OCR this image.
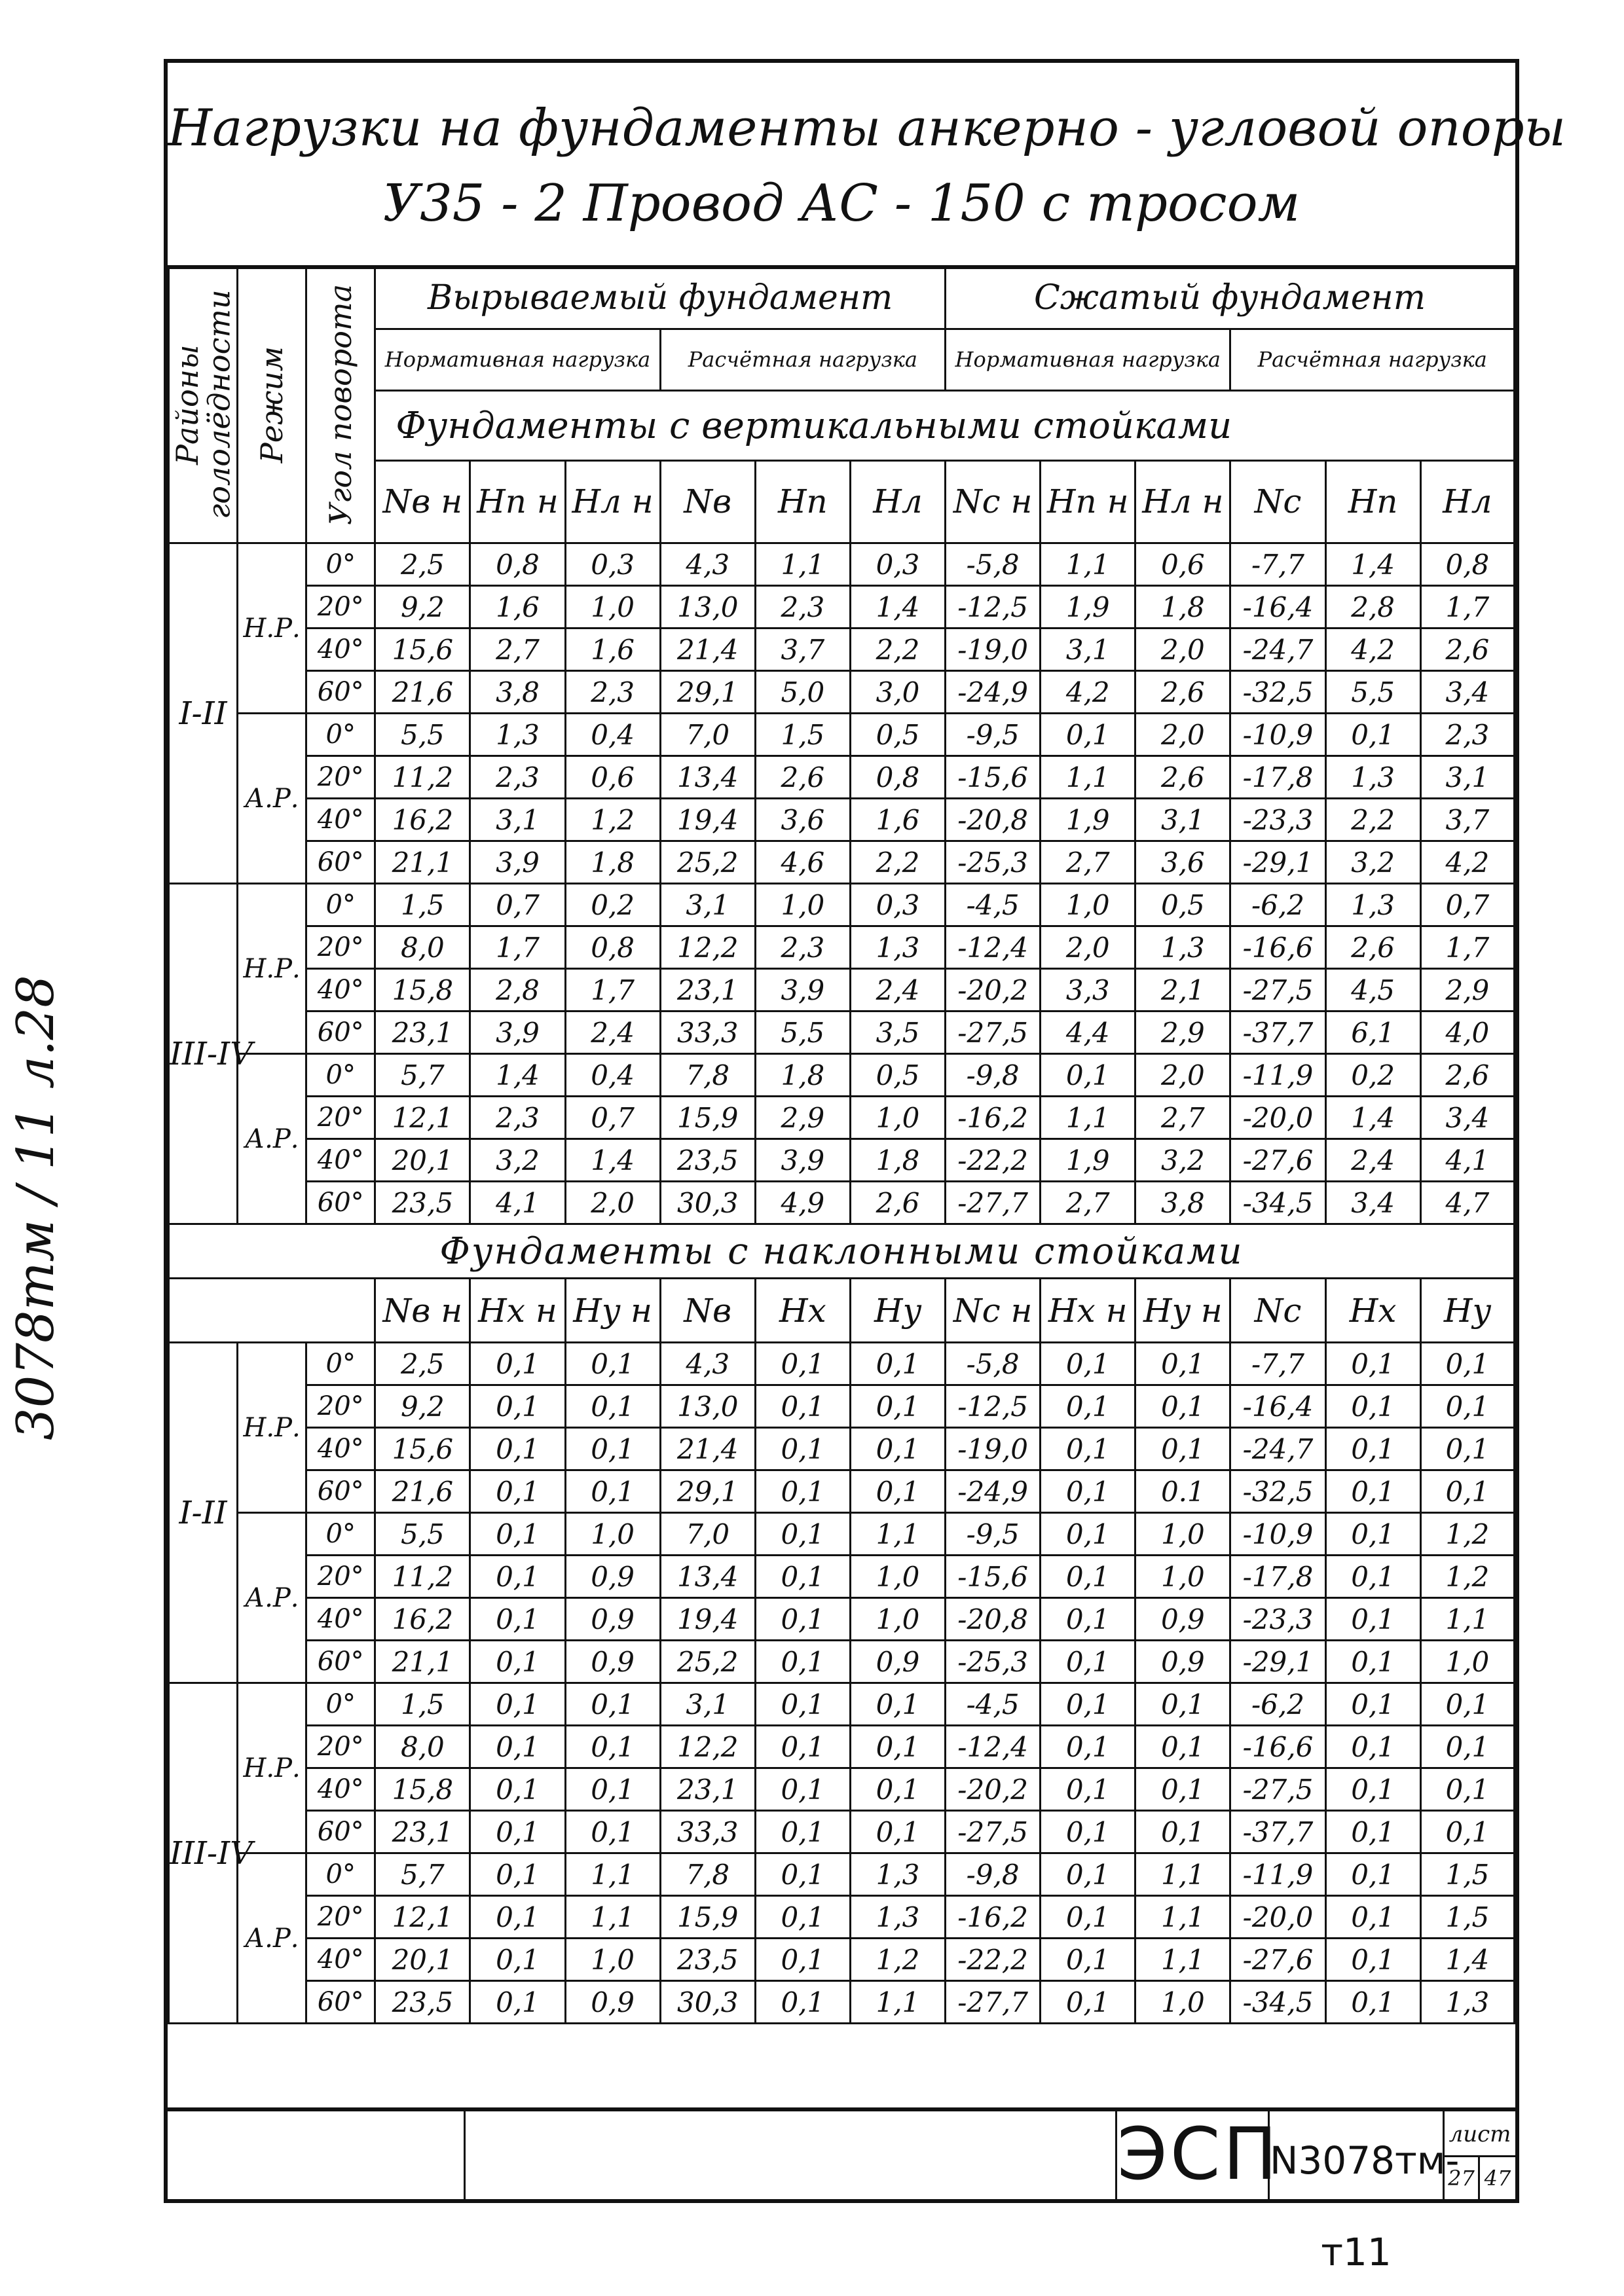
3078тм / 11 л.28
Нагрузки на фундаменты анкерно - угловой опоры
У35 - 2 Провод АС - 150 с тросом
Районы гололёдности	Режим	Угол поворота	Вырываемый фундамент						Сжатый фундамент					
			Нормативная нагрузка			Расчётная нагрузка			Нормативная нагрузка			Расчётная нагрузка		
			Фундаменты с вертикальными стойками											
			Nв н	Hп н	Hл н	Nв	Hп	Hл	Nс н	Hп н	Hл н	Nс	Hп	Hл
I-II	Н.Р.	0°	2,5	0,8	0,3	4,3	1,1	0,3	-5,8	1,1	0,6	-7,7	1,4	0,8
		20°	9,2	1,6	1,0	13,0	2,3	1,4	-12,5	1,9	1,8	-16,4	2,8	1,7
		40°	15,6	2,7	1,6	21,4	3,7	2,2	-19,0	3,1	2,0	-24,7	4,2	2,6
		60°	21,6	3,8	2,3	29,1	5,0	3,0	-24,9	4,2	2,6	-32,5	5,5	3,4
	А.Р.	0°	5,5	1,3	0,4	7,0	1,5	0,5	-9,5	0,1	2,0	-10,9	0,1	2,3
		20°	11,2	2,3	0,6	13,4	2,6	0,8	-15,6	1,1	2,6	-17,8	1,3	3,1
		40°	16,2	3,1	1,2	19,4	3,6	1,6	-20,8	1,9	3,1	-23,3	2,2	3,7
		60°	21,1	3,9	1,8	25,2	4,6	2,2	-25,3	2,7	3,6	-29,1	3,2	4,2
III-IV	Н.Р.	0°	1,5	0,7	0,2	3,1	1,0	0,3	-4,5	1,0	0,5	-6,2	1,3	0,7
		20°	8,0	1,7	0,8	12,2	2,3	1,3	-12,4	2,0	1,3	-16,6	2,6	1,7
		40°	15,8	2,8	1,7	23,1	3,9	2,4	-20,2	3,3	2,1	-27,5	4,5	2,9
		60°	23,1	3,9	2,4	33,3	5,5	3,5	-27,5	4,4	2,9	-37,7	6,1	4,0
	А.Р.	0°	5,7	1,4	0,4	7,8	1,8	0,5	-9,8	0,1	2,0	-11,9	0,2	2,6
		20°	12,1	2,3	0,7	15,9	2,9	1,0	-16,2	1,1	2,7	-20,0	1,4	3,4
		40°	20,1	3,2	1,4	23,5	3,9	1,8	-22,2	1,9	3,2	-27,6	2,4	4,1
		60°	23,5	4,1	2,0	30,3	4,9	2,6	-27,7	2,7	3,8	-34,5	3,4	4,7
Фундаменты с наклонными стойками														
			Nв н	Hx н	Hy н	Nв	Hx	Hy	Nс н	Hx н	Hy н	Nс	Hx	Hy
I-II	Н.Р.	0°	2,5	0,1	0,1	4,3	0,1	0,1	-5,8	0,1	0,1	-7,7	0,1	0,1
		20°	9,2	0,1	0,1	13,0	0,1	0,1	-12,5	0,1	0,1	-16,4	0,1	0,1
		40°	15,6	0,1	0,1	21,4	0,1	0,1	-19,0	0,1	0,1	-24,7	0,1	0,1
		60°	21,6	0,1	0,1	29,1	0,1	0,1	-24,9	0,1	0.1	-32,5	0,1	0,1
	А.Р.	0°	5,5	0,1	1,0	7,0	0,1	1,1	-9,5	0,1	1,0	-10,9	0,1	1,2
		20°	11,2	0,1	0,9	13,4	0,1	1,0	-15,6	0,1	1,0	-17,8	0,1	1,2
		40°	16,2	0,1	0,9	19,4	0,1	1,0	-20,8	0,1	0,9	-23,3	0,1	1,1
		60°	21,1	0,1	0,9	25,2	0,1	0,9	-25,3	0,1	0,9	-29,1	0,1	1,0
III-IV	Н.Р.	0°	1,5	0,1	0,1	3,1	0,1	0,1	-4,5	0,1	0,1	-6,2	0,1	0,1
		20°	8,0	0,1	0,1	12,2	0,1	0,1	-12,4	0,1	0,1	-16,6	0,1	0,1
		40°	15,8	0,1	0,1	23,1	0,1	0,1	-20,2	0,1	0,1	-27,5	0,1	0,1
		60°	23,1	0,1	0,1	33,3	0,1	0,1	-27,5	0,1	0,1	-37,7	0,1	0,1
	А.Р.	0°	5,7	0,1	1,1	7,8	0,1	1,3	-9,8	0,1	1,1	-11,9	0,1	1,5
		20°	12,1	0,1	1,1	15,9	0,1	1,3	-16,2	0,1	1,1	-20,0	0,1	1,5
		40°	20,1	0,1	1,0	23,5	0,1	1,2	-22,2	0,1	1,1	-27,6	0,1	1,4
		60°	23,5	0,1	0,9	30,3	0,1	1,1	-27,7	0,1	1,0	-34,5	0,1	1,3
ЭСП
N3078тм-т11
лист
27 47
